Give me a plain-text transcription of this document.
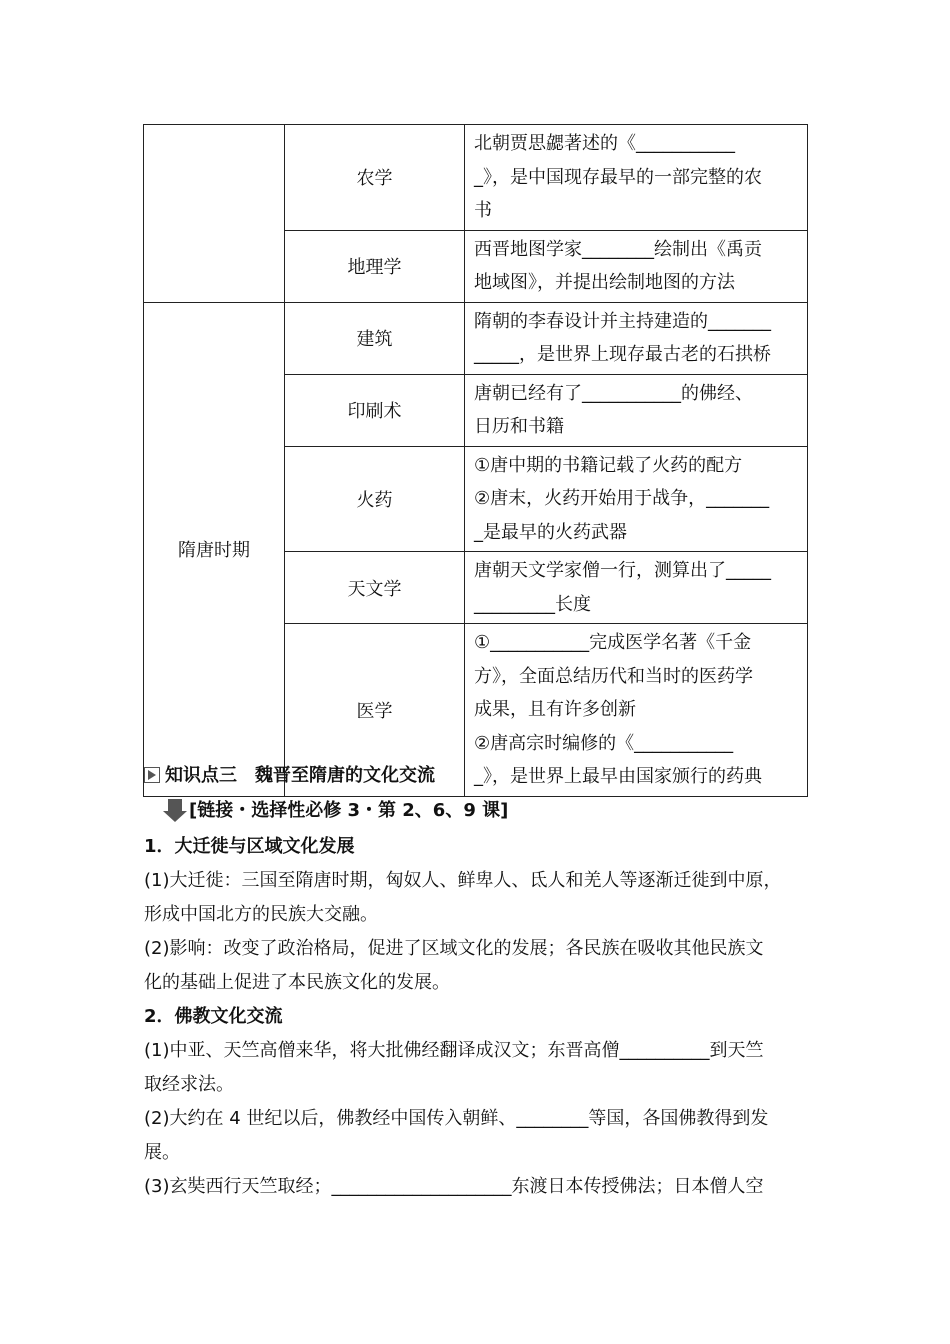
	农学	北朝贾思勰著述的《___________
_》，是中国现存最早的一部完整的农
书

	地理学	西晋地图学家________绘制出《禹贡
地域图》，并提出绘制地图的方法

隋唐时期	建筑	隋朝的李春设计并主持建造的_______
_____，是世界上现存最古老的石拱桥

	印刷术	唐朝已经有了___________的佛经、
日历和书籍

	火药	①唐中期的书籍记载了火药的配方
②唐末，火药开始用于战争，_______
_是最早的火药武器

	天文学	唐朝天文学家僧一行，测算出了_____
_________长度

	医学	①___________完成医学名著《千金
方》，全面总结历代和当时的医药学
成果，且有许多创新
②唐高宗时编修的《___________
_》，是世界上最早由国家颁行的药典
知识点三　魏晋至隋唐的文化交流
[链接・选择性必修 3・第 2、6、9 课]
1．大迁徙与区域文化发展
(1)大迁徙：三国至隋唐时期，匈奴人、鲜卑人、氐人和羌人等逐渐迁徙到中原，
形成中国北方的民族大交融。
(2)影响：改变了政治格局，促进了区域文化的发展；各民族在吸收其他民族文
化的基础上促进了本民族文化的发展。
2．佛教文化交流
(1)中亚、天竺高僧来华，将大批佛经翻译成汉文；东晋高僧__________到天竺
取经求法。
(2)大约在 4 世纪以后，佛教经中国传入朝鲜、________等国，各国佛教得到发
展。
(3)玄奘西行天竺取经；____________________东渡日本传授佛法；日本僧人空
